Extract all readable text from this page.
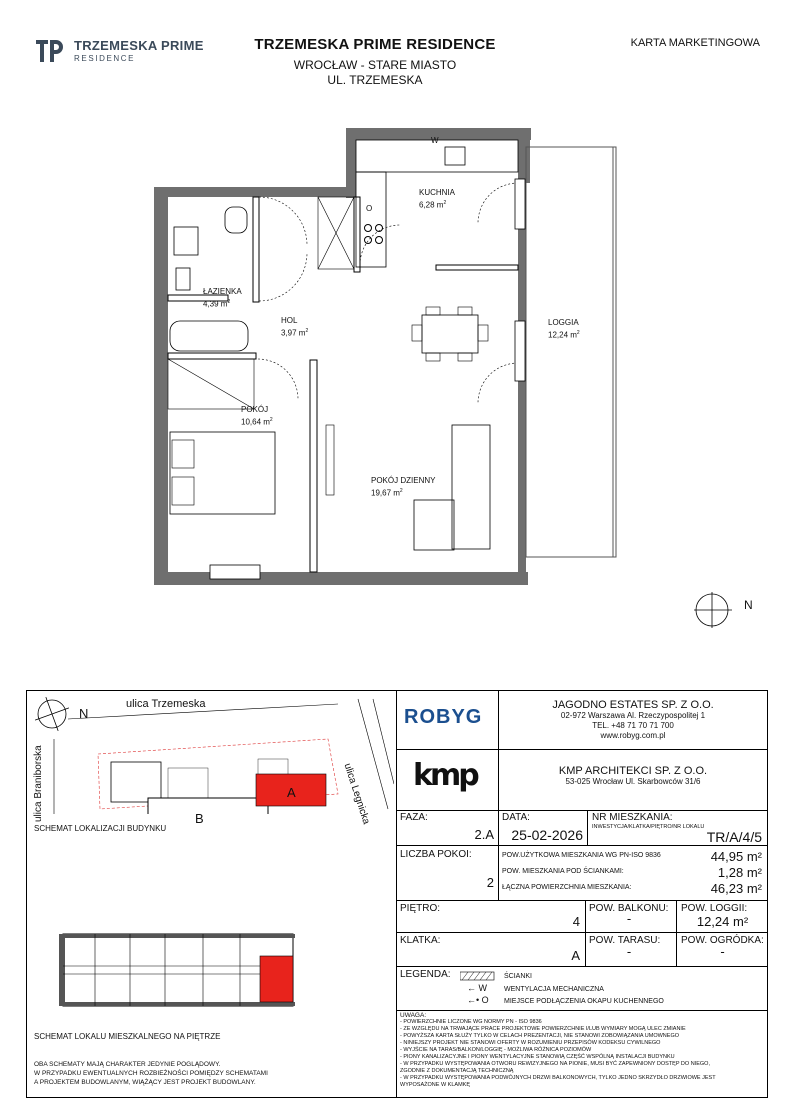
TRZEMESKA PRIME
RESIDENCE
TRZEMESKA PRIME RESIDENCE
WROCŁAW - STARE MIASTO
UL. TRZEMESKA
KARTA MARKETINGOWA
KUCHNIA
6,28 $m^2$
ŁAZIENKA
4,39 $m^2$
HOL
3,97 $m^2$
LOGGIA
12,24 $m^2$
POKÓJ
10,64 $m^2$
POKÓJ DZIENNY
19,67 $m^2$
W
O
N
ulica Trzemeska
ulica Braniborska	ulica Legnicka
N
B
A
SCHEMAT LOKALIZACJI BUDYNKU
SCHEMAT LOKALU MIESZKALNEGO NA PIĘTRZE
OBA SCHEMATY MAJĄ CHARAKTER JEDYNIE POGLĄDOWY.
W PRZYPADKU EWENTUALNYCH ROZBIEŻNOŚCI POMIĘDZY SCHEMATAMI
A PROJEKTEM BUDOWLANYM, WIĄŻĄCY JEST PROJEKT BUDOWLANY.
ROBYG
JAGODNO ESTATES SP. Z O.O.
02-972 Warszawa Al. Rzeczypospolitej 1
TEL. +48 71 70 71 700
www.robyg.com.pl
kmp	KMP ARCHITEKCI SP. Z O.O.
53-025 Wrocław Ul. Skarbowców 31/6
FAZA:
2.A
DATA:
25-02-2026
NR MIESZKANIA:
INWESTYCJA/KLATKA/PIĘTRO/NR LOKALU
TR/A/4/5
LICZBA POKOI:
2
POW.UŻYTKOWA MIESZKANIA WG PN-ISO 9836	44,95 m²
POW. MIESZKANIA POD ŚCIANKAMI:	1,28 m²
ŁĄCZNA POWIERZCHNIA MIESZKANIA:	46,23 m²
PIĘTRO:
4
POW. BALKONU:
-
POW. LOGGII:
12,24 m²
KLATKA:
A
POW. TARASU:
-
POW. OGRÓDKA:
-
LEGENDA:	ŚCIANKI
← W WENTYLACJA MECHANICZNA
←• O MIEJSCE PODŁĄCZENIA OKAPU KUCHENNEGO
UWAGA:
- POWIERZCHNIE LICZONE WG NORMY PN - ISO 9836
- ZE WZGLĘDU NA TRWAJĄCE PRACE PROJEKTOWE POWIERZCHNIE I/LUB WYMIARY MOGĄ ULEC ZMIANIE
- POWYŻSZA KARTA SŁUŻY TYLKO W CELACH PREZENTACJI, NIE STANOWI ZOBOWIĄZANIA UMOWNEGO
- NINIEJSZY PROJEKT NIE STANOWI OFERTY W ROZUMIENIU PRZEPISÓW KODEKSU CYWILNEGO
- WYJŚCIE NA TARAS/BALKON/LOGGIĘ - MOŻLIWA RÓŻNICA POZIOMÓW
- PIONY KANALIZACYJNE I PIONY WENTYLACYJNE STANOWIĄ CZĘŚĆ WSPÓLNĄ INSTALACJI BUDYNKU
- W PRZYPADKU WYSTĘPOWANIA OTWORU REWIZYJNEGO NA PIONIE, MUSI BYĆ ZAPEWNIONY DOSTĘP DO NIEGO,
ZGODNIE Z DOKUMENTACJĄ TECHNICZNĄ
- W PRZYPADKU WYSTĘPOWANIA PODWÓJNYCH DRZWI BALKONOWYCH, TYLKO JEDNO SKRZYDŁO DRZWIOWE JEST
WYPOSAŻONE W KLAMKĘ
